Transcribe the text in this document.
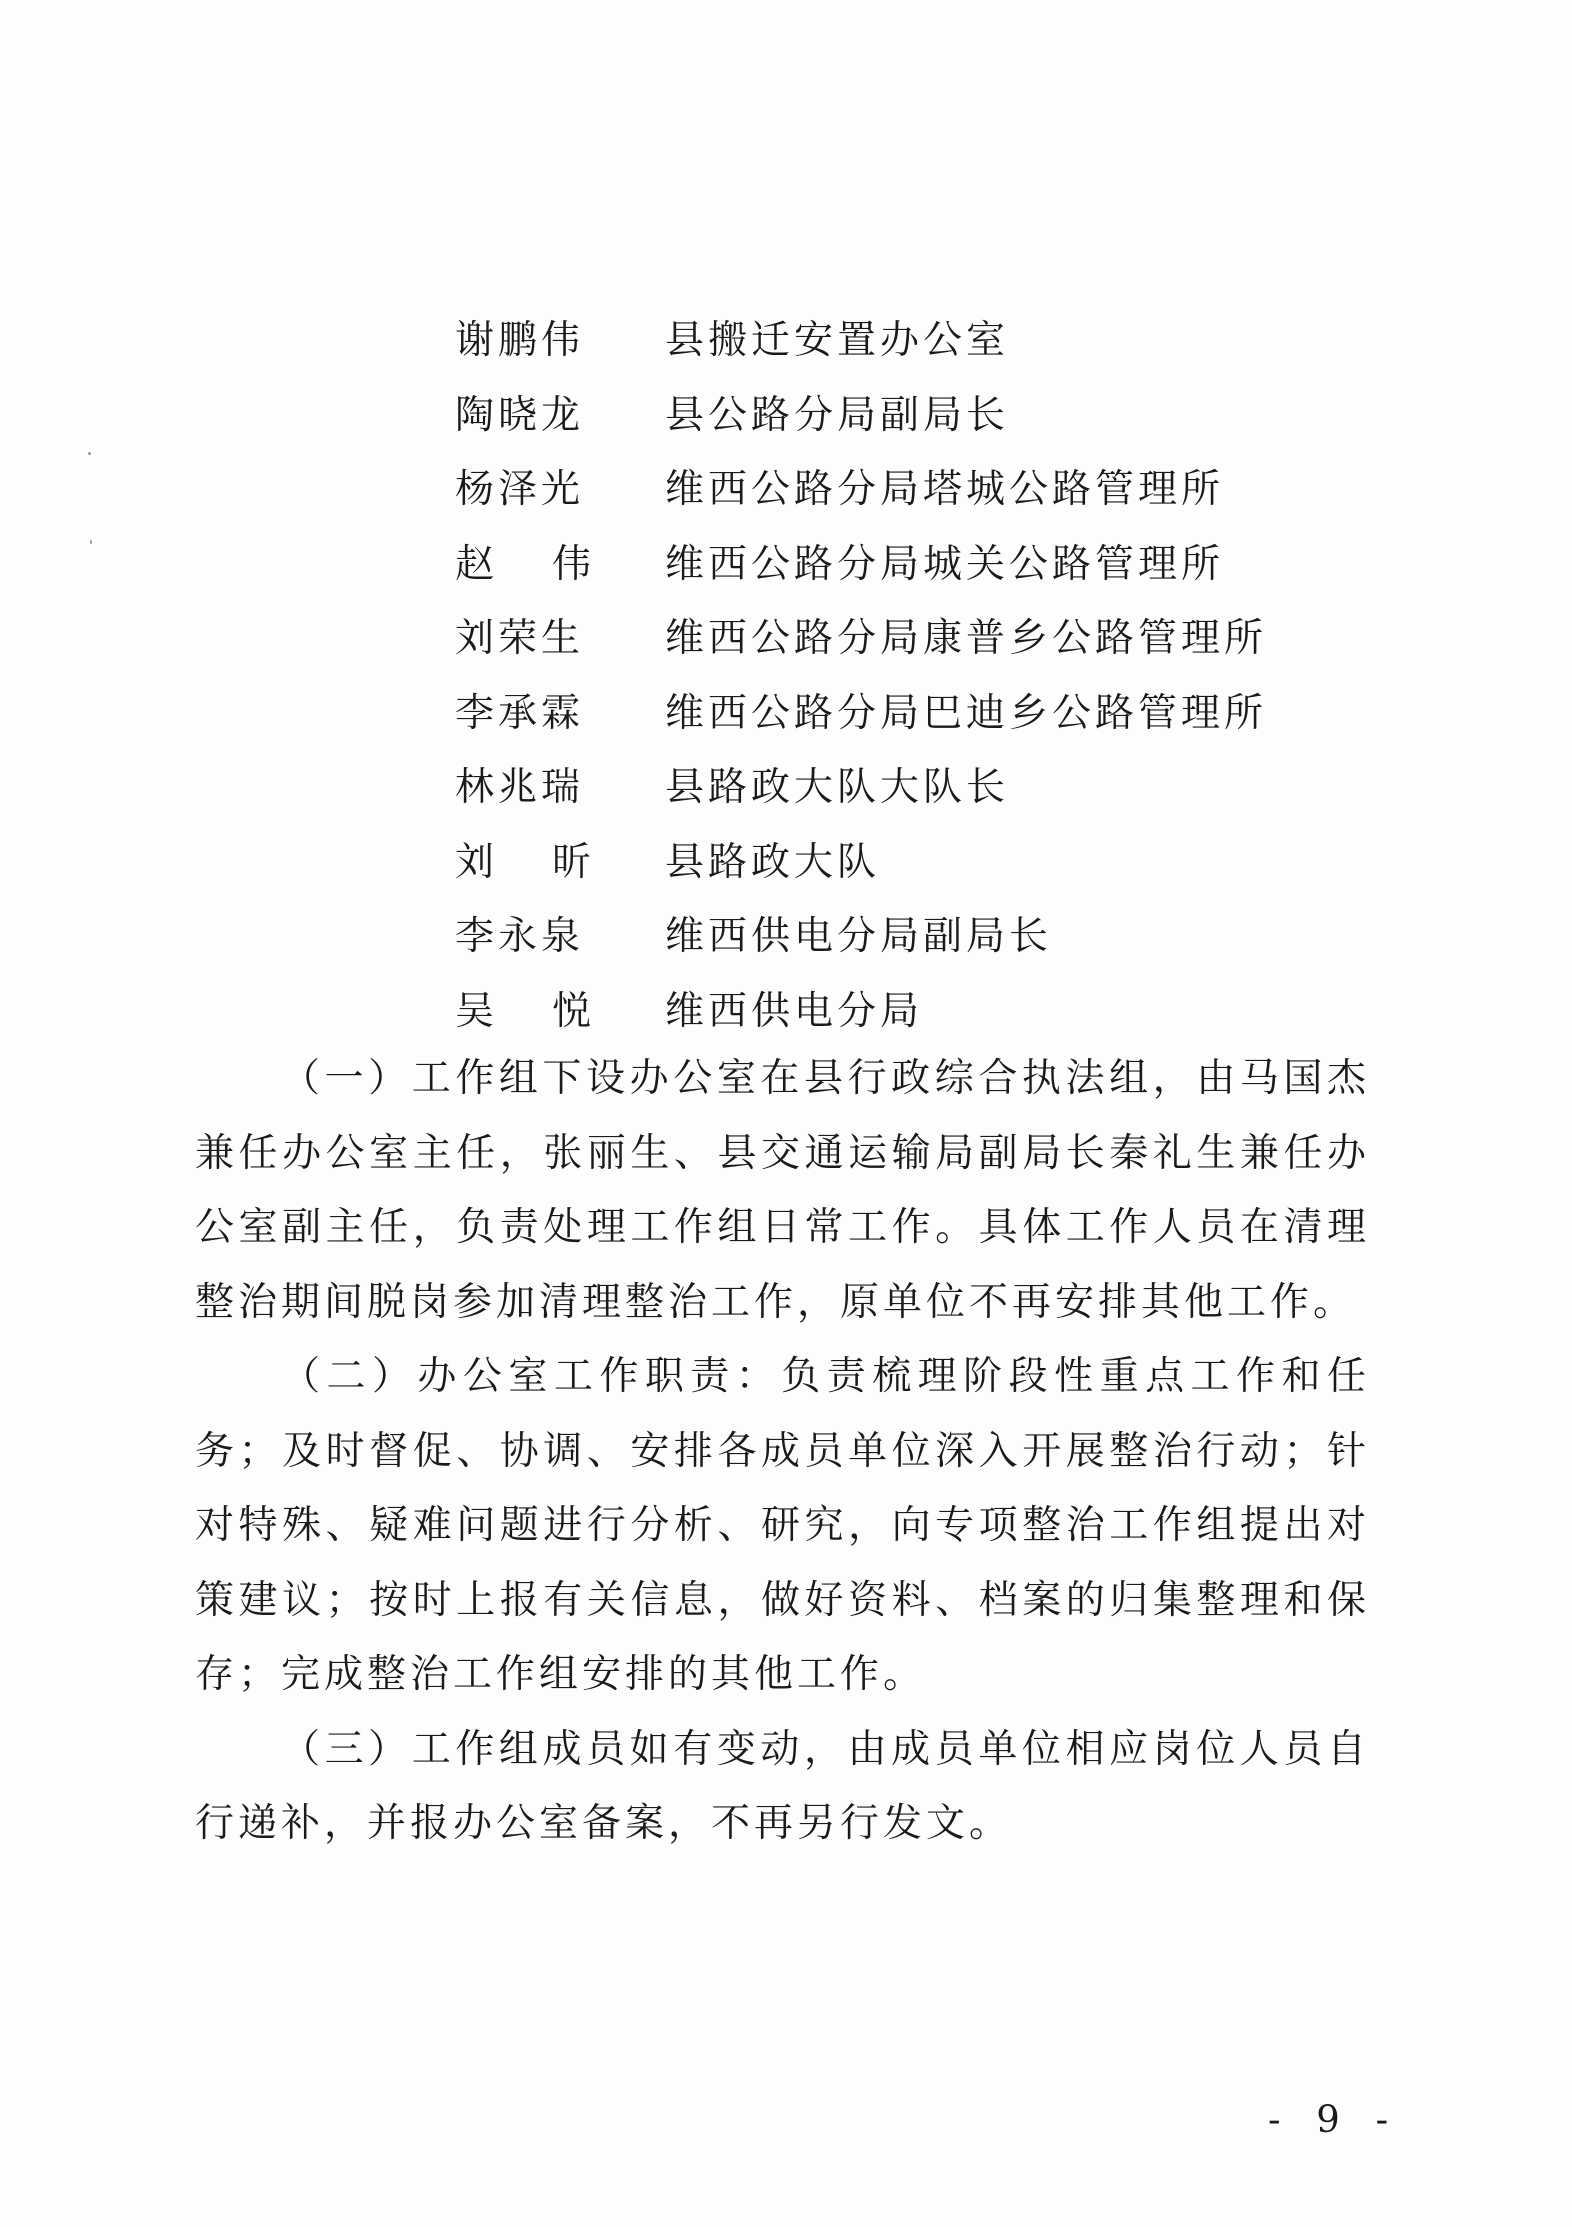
谢鹏伟	县搬迁安置办公室
陶晓龙	县公路分局副局长
杨泽光	维西公路分局塔城公路管理所
赵伟 维西公路分局城关公路管理所
刘荣生	维西公路分局康普乡公路管理所
李承霖	维西公路分局巴迪乡公路管理所
林兆瑞	县路政大队大队长
刘昕 县路政大队
李永泉	维西供电分局副局长
吴悦 维西供电分局

（一）工作组下设办公室在县行政综合执法组，由马国杰兼任办公室主任，张丽生、县交通运输局副局长秦礼生兼任办公室副主任，负责处理工作组日常工作。具体工作人员在清理整治期间脱岗参加清理整治工作，原单位不再安排其他工作。

（二）办公室工作职责：负责梳理阶段性重点工作和任务；及时督促、协调、安排各成员单位深入开展整治行动；针对特殊、疑难问题进行分析、研究，向专项整治工作组提出对策建议；按时上报有关信息，做好资料、档案的归集整理和保存；完成整治工作组安排的其他工作。

（三）工作组成员如有变动，由成员单位相应岗位人员自行递补，并报办公室备案，不再另行发文。

- 9 -
